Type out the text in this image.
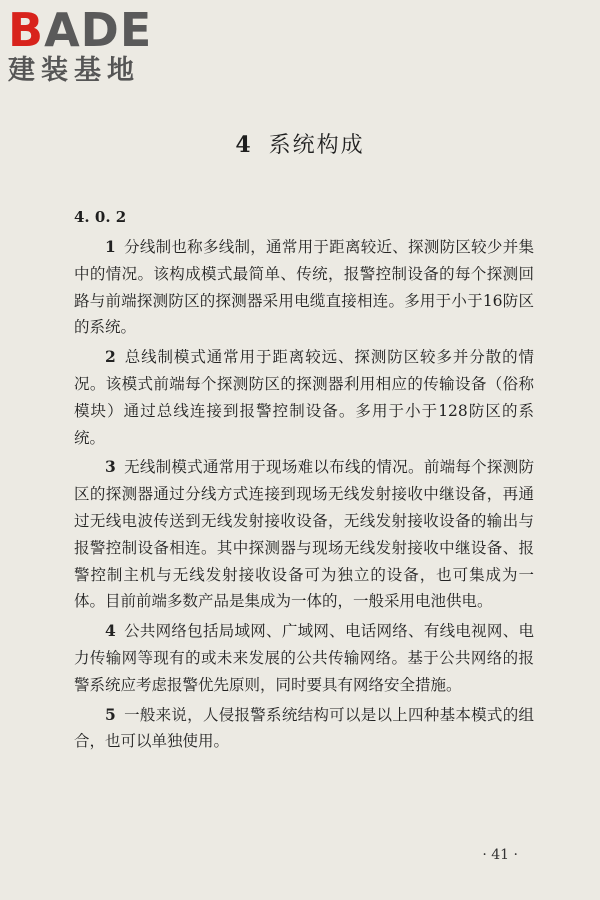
BADE
建装基地
4 系统构成
4. 0. 2

1 分线制也称多线制，通常用于距离较近、探测防区较少并集中的情况。该构成模式最简单、传统，报警控制设备的每个探测回路与前端探测防区的探测器采用电缆直接相连。多用于小于16防区的系统。

2 总线制模式通常用于距离较远、探测防区较多并分散的情况。该模式前端每个探测防区的探测器利用相应的传输设备（俗称模块）通过总线连接到报警控制设备。多用于小于128防区的系统。

3 无线制模式通常用于现场难以布线的情况。前端每个探测防区的探测器通过分线方式连接到现场无线发射接收中继设备，再通过无线电波传送到无线发射接收设备，无线发射接收设备的输出与报警控制设备相连。其中探测器与现场无线发射接收中继设备、报警控制主机与无线发射接收设备可为独立的设备，也可集成为一体。目前前端多数产品是集成为一体的，一般采用电池供电。

4 公共网络包括局域网、广域网、电话网络、有线电视网、电力传输网等现有的或未来发展的公共传输网络。基于公共网络的报警系统应考虑报警优先原则，同时要具有网络安全措施。

5 一般来说，人侵报警系统结构可以是以上四种基本模式的组合，也可以单独使用。

· 41 ·
